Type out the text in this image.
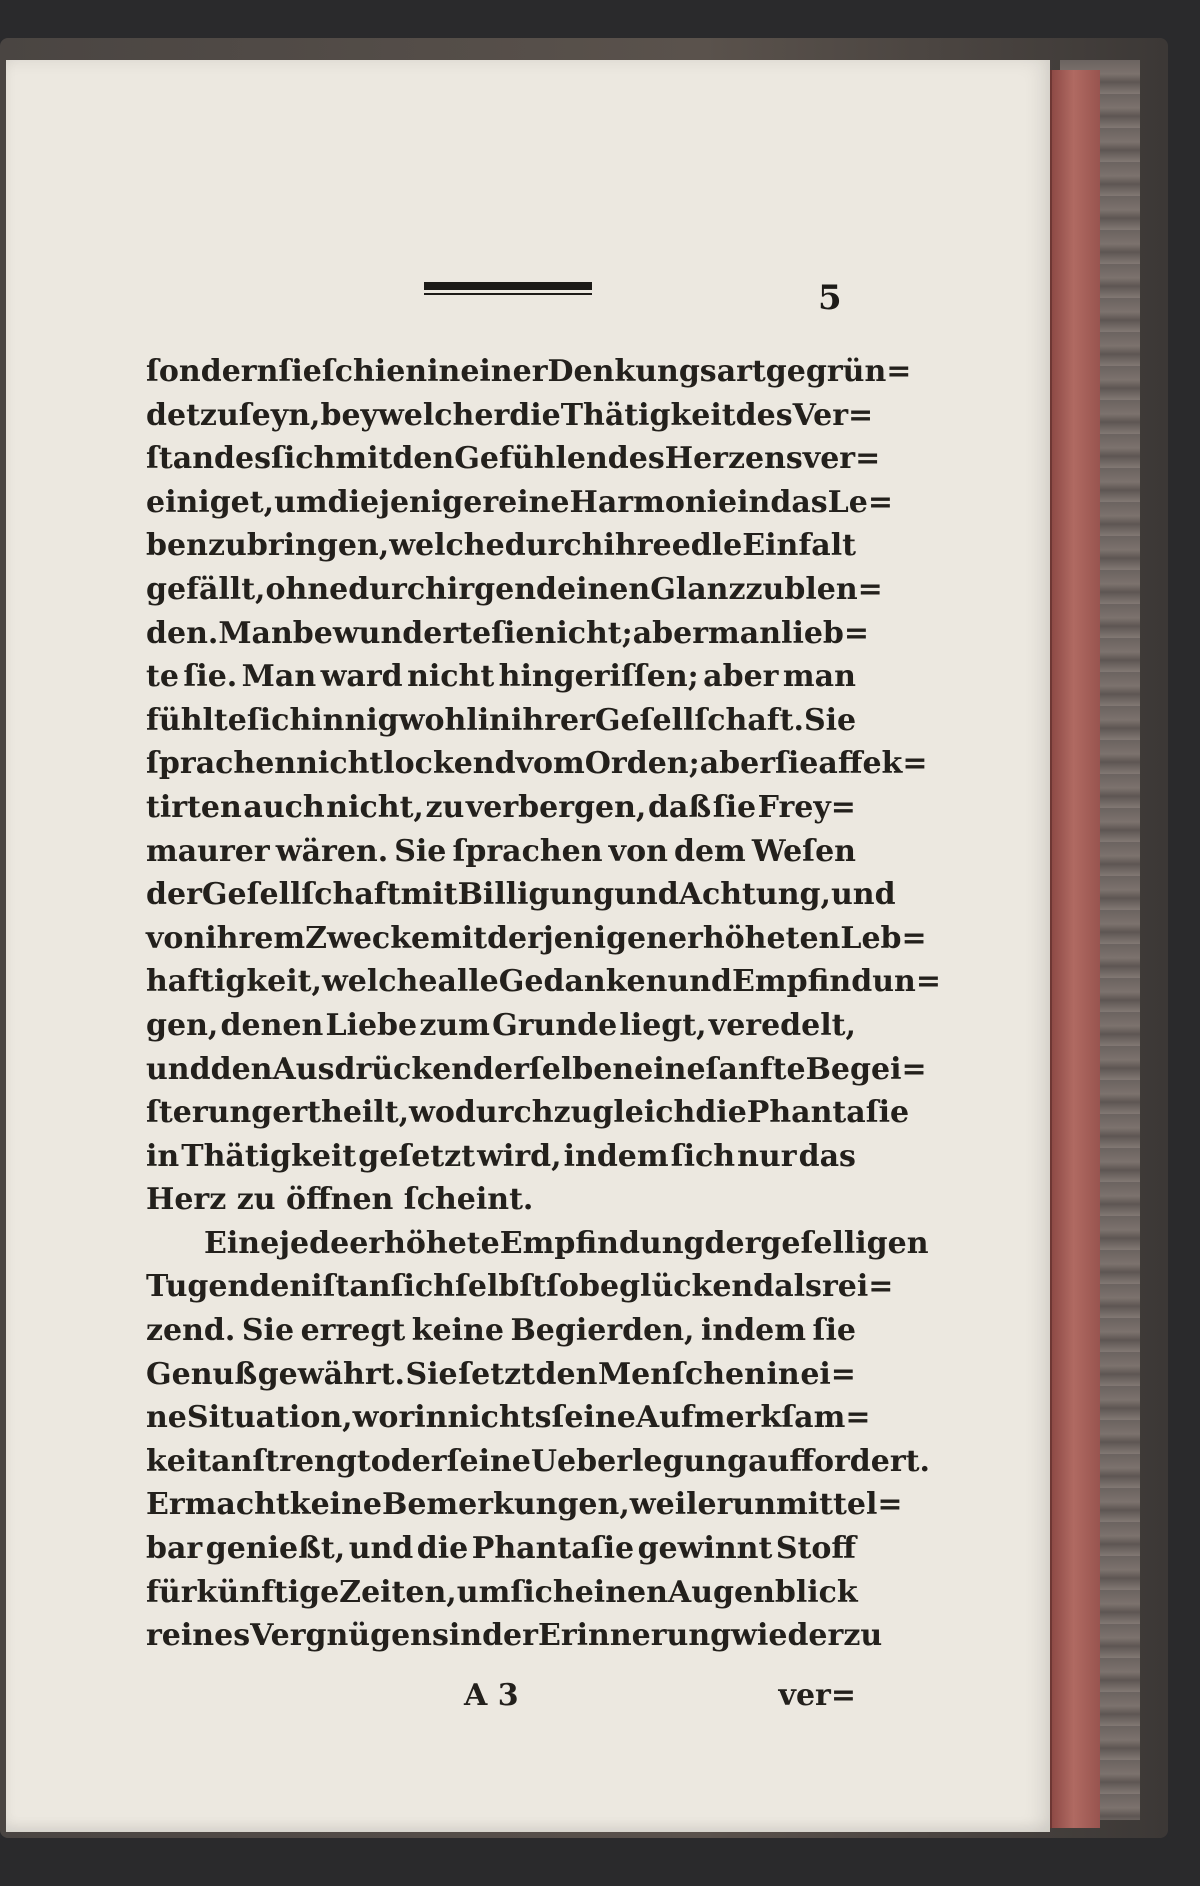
5
ſondern ſie ſchien in einer Denkungsart gegrün=
det zu ſeyn, bey welcher die Thätigkeit des Ver=
ſtandes ſich mit den Gefühlen des Herzens ver=
einiget, um diejenige reine Harmonie in das Le=
ben zu bringen, welche durch ihre edle Einfalt
gefällt, ohne durch irgend einen Glanz zu blen=
den. Man bewunderte ſie nicht; aber man lieb=
te ſie. Man ward nicht hingeriſſen; aber man
fühlte ſich innig wohl in ihrer Geſellſchaft. Sie
ſprachen nicht lockend vom Orden; aber ſie affek=
tirten auch nicht, zu verbergen, daß ſie Frey=
maurer wären. Sie ſprachen von dem Weſen
der Geſellſchaft mit Billigung und Achtung, und
von ihrem Zwecke mit derjenigen erhöheten Leb=
haftigkeit, welche alle Gedanken und Empfindun=
gen, denen Liebe zum Grunde liegt, veredelt,
und den Ausdrücken derſelben eine ſanfte Begei=
ſterung ertheilt, wodurch zugleich die Phantaſie
in Thätigkeit geſetzt wird, indem ſich nur das
Herz zu öffnen ſcheint.
Eine jede erhöhete Empfindung der geſelligen
Tugenden iſt an ſich ſelbſt ſo beglückend als rei=
zend. Sie erregt keine Begierden, indem ſie
Genuß gewährt. Sie ſetzt den Menſchen in ei=
ne Situation, worin nichts ſeine Aufmerkſam=
keit anſtrengt oder ſeine Ueberlegung auffordert.
Er macht keine Bemerkungen, weil er unmittel=
bar genießt, und die Phantaſie gewinnt Stoff
für künftige Zeiten, um ſich einen Augenblick
reines Vergnügens in der Erinnerung wieder zu
A 3	ver=
